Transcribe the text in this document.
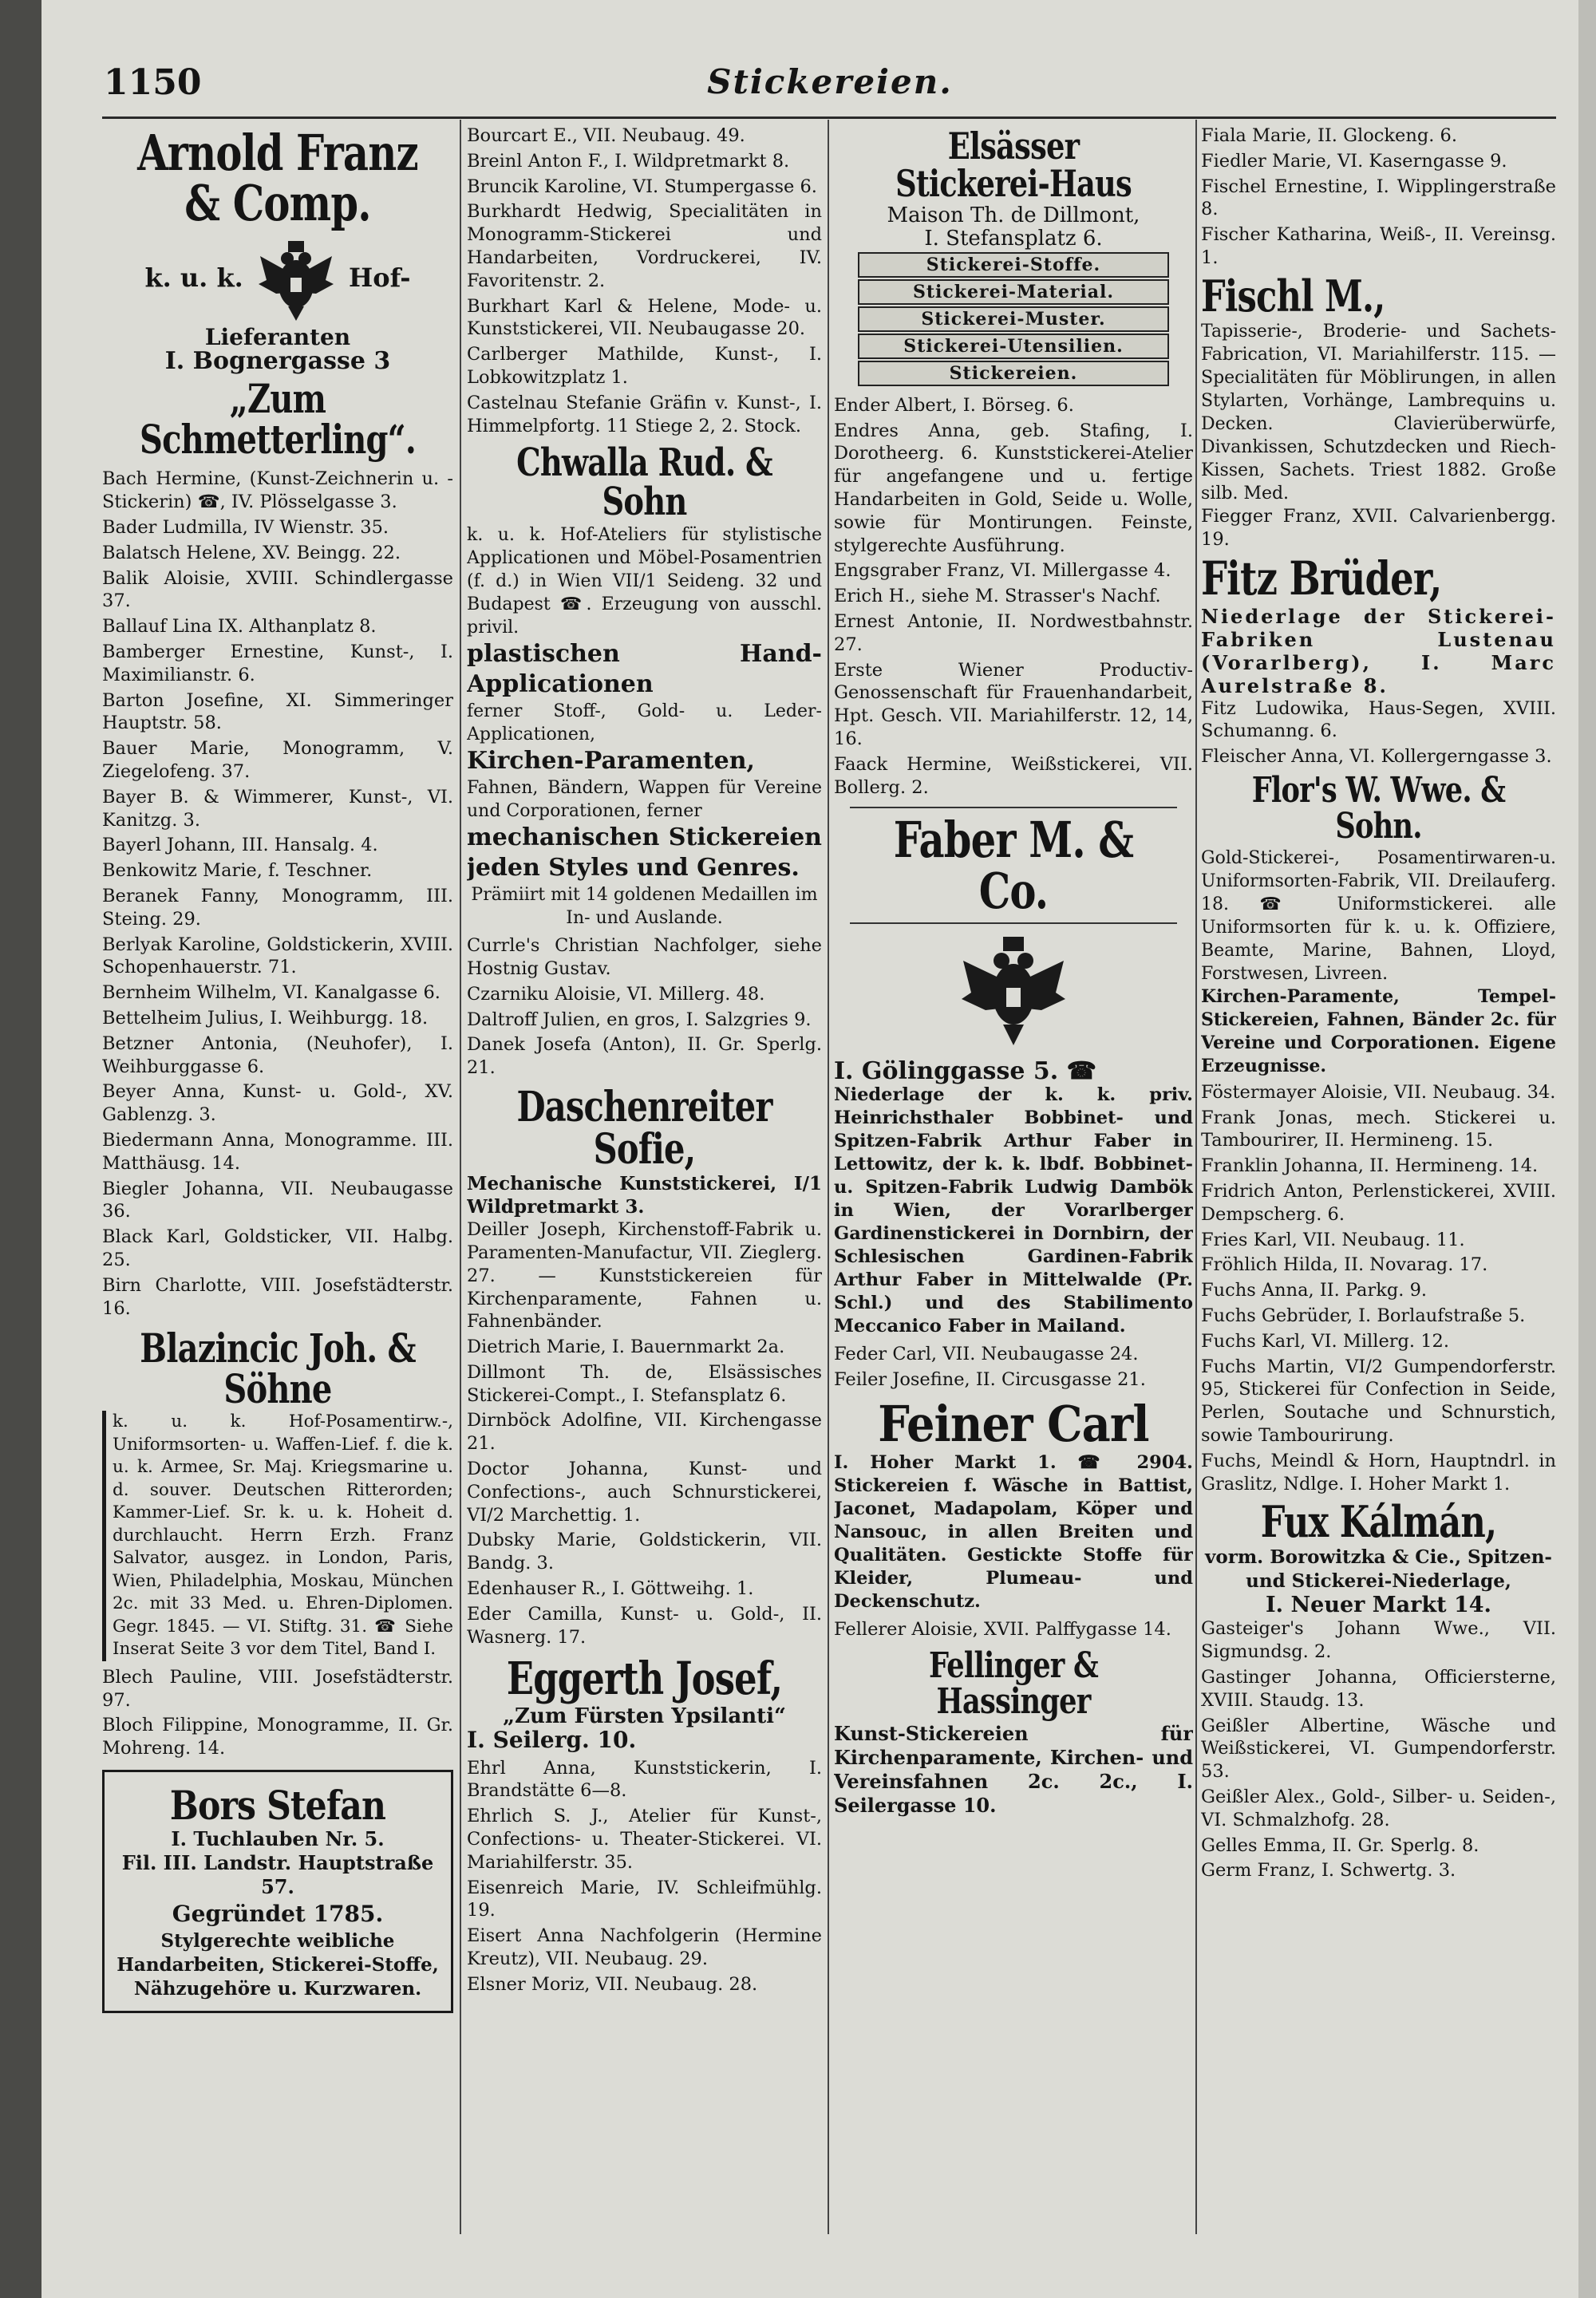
Stickereien.
1150
Arnold Franz & Comp.
k. u. k.	Hof-
Lieferanten
I. Bognergasse 3
„Zum Schmetterling“.
Bach Hermine, (Kunst-Zeichnerin u. -Stickerin) ☎, IV. Plösselgasse 3.
Bader Ludmilla, IV Wienstr. 35.
Balatsch Helene, XV. Beingg. 22.
Balik Aloisie, XVIII. Schindlergasse 37.
Ballauf Lina IX. Althanplatz 8.
Bamberger Ernestine, Kunst-, I. Maximilianstr. 6.
Barton Josefine, XI. Simmeringer Hauptstr. 58.
Bauer Marie, Monogramm, V. Ziegelofeng. 37.
Bayer B. & Wimmerer, Kunst-, VI. Kanitzg. 3.
Bayerl Johann, III. Hansalg. 4.
Benkowitz Marie, f. Teschner.
Beranek Fanny, Monogramm, III. Steing. 29.
Berlyak Karoline, Goldstickerin, XVIII. Schopenhauerstr. 71.
Bernheim Wilhelm, VI. Kanalgasse 6.
Bettelheim Julius, I. Weihburgg. 18.
Betzner Antonia, (Neuhofer), I. Weihburggasse 6.
Beyer Anna, Kunst- u. Gold-, XV. Gablenzg. 3.
Biedermann Anna, Monogramme. III. Matthäusg. 14.
Biegler Johanna, VII. Neubaugasse 36.
Black Karl, Goldsticker, VII. Halbg. 25.
Birn Charlotte, VIII. Josefstädterstr. 16.
Blazincic Joh. & Söhne
k. u. k. Hof-Posamentirw.-, Uniformsorten- u. Waffen-Lief. f. die k. u. k. Armee, Sr. Maj. Kriegsmarine u. d. souver. Deutschen Ritterorden; Kammer-Lief. Sr. k. u. k. Hoheit d. durchlaucht. Herrn Erzh. Franz Salvator, ausgez. in London, Paris, Wien, Philadelphia, Moskau, München 2c. mit 33 Med. u. Ehren-Diplomen. Gegr. 1845. — VI. Stiftg. 31. ☎ Siehe Inserat Seite 3 vor dem Titel, Band I.
Blech Pauline, VIII. Josefstädterstr. 97.
Bloch Filippine, Monogramme, II. Gr. Mohreng. 14.
Bors Stefan
I. Tuchlauben Nr. 5.
Fil. III. Landstr. Hauptstraße 57.
Gegründet 1785.
Stylgerechte weibliche Handarbeiten, Stickerei-Stoffe, Nähzugehöre u. Kurzwaren.
Bourcart E., VII. Neubaug. 49.
Breinl Anton F., I. Wildpretmarkt 8.
Bruncik Karoline, VI. Stumpergasse 6.
Burkhardt Hedwig, Specialitäten in Monogramm-Stickerei und Handarbeiten, Vordruckerei, IV. Favoritenstr. 2.
Burkhart Karl & Helene, Mode- u. Kunststickerei, VII. Neubaugasse 20.
Carlberger Mathilde, Kunst-, I. Lobkowitzplatz 1.
Castelnau Stefanie Gräfin v. Kunst-, I. Himmelpfortg. 11 Stiege 2, 2. Stock.
Chwalla Rud. & Sohn
k. u. k. Hof-Ateliers für stylistische Applicationen und Möbel-Posamentrien (f. d.) in Wien VII/1 Seideng. 32 und Budapest ☎. Erzeugung von ausschl. privil.
plastischen Hand-Applicationen
ferner Stoff-, Gold- u. Leder-Applicationen,
Kirchen-Paramenten,
Fahnen, Bändern, Wappen für Vereine und Corporationen, ferner
mechanischen Stickereien jeden Styles und Genres.
Prämiirt mit 14 goldenen Medaillen im In- und Auslande.
Currle's Christian Nachfolger, siehe Hostnig Gustav.
Czarniku Aloisie, VI. Millerg. 48.
Daltroff Julien, en gros, I. Salzgries 9.
Danek Josefa (Anton), II. Gr. Sperlg. 21.
Daschenreiter Sofie,
Mechanische Kunststickerei, I/1 Wildpretmarkt 3.
Deiller Joseph, Kirchenstoff-Fabrik u. Paramenten-Manufactur, VII. Zieglerg. 27. — Kunststickereien für Kirchenparamente, Fahnen u. Fahnenbänder.
Dietrich Marie, I. Bauernmarkt 2a.
Dillmont Th. de, Elsässisches Stickerei-Compt., I. Stefansplatz 6.
Dirnböck Adolfine, VII. Kirchengasse 21.
Doctor Johanna, Kunst- und Confections-, auch Schnurstickerei, VI/2 Marchettig. 1.
Dubsky Marie, Goldstickerin, VII. Bandg. 3.
Edenhauser R., I. Göttweihg. 1.
Eder Camilla, Kunst- u. Gold-, II. Wasnerg. 17.
Eggerth Josef,
„Zum Fürsten Ypsilanti“
I. Seilerg. 10.
Ehrl Anna, Kunststickerin, I. Brandstätte 6—8.
Ehrlich S. J., Atelier für Kunst-, Confections- u. Theater-Stickerei. VI. Mariahilferstr. 35.
Eisenreich Marie, IV. Schleifmühlg. 19.
Eisert Anna Nachfolgerin (Hermine Kreutz), VII. Neubaug. 29.
Elsner Moriz, VII. Neubaug. 28.
Elsässer Stickerei-Haus
Maison Th. de Dillmont,
I. Stefansplatz 6.
Stickerei-Stoffe.
Stickerei-Material.
Stickerei-Muster.
Stickerei-Utensilien.
Stickereien.
Ender Albert, I. Börseg. 6.
Endres Anna, geb. Stafing, I. Dorotheerg. 6. Kunststickerei-Atelier für angefangene und u. fertige Handarbeiten in Gold, Seide u. Wolle, sowie für Montirungen. Feinste, stylgerechte Ausführung.
Engsgraber Franz, VI. Millergasse 4.
Erich H., siehe M. Strasser's Nachf.
Ernest Antonie, II. Nordwestbahnstr. 27.
Erste Wiener Productiv-Genossenschaft für Frauenhandarbeit, Hpt. Gesch. VII. Mariahilferstr. 12, 14, 16.
Faack Hermine, Weißstickerei, VII. Bollerg. 2.
Faber M. & Co.
I. Gölinggasse 5. ☎
Niederlage der k. k. priv. Heinrichsthaler Bobbinet- und Spitzen-Fabrik Arthur Faber in Lettowitz, der k. k. lbdf. Bobbinet- u. Spitzen-Fabrik Ludwig Dambök in Wien, der Vorarlberger Gardinenstickerei in Dornbirn, der Schlesischen Gardinen-Fabrik Arthur Faber in Mittelwalde (Pr. Schl.) und des Stabilimento Meccanico Faber in Mailand.
Feder Carl, VII. Neubaugasse 24.
Feiler Josefine, II. Circusgasse 21.
Feiner Carl
I. Hoher Markt 1. ☎ 2904. Stickereien f. Wäsche in Battist, Jaconet, Madapolam, Köper und Nansouc, in allen Breiten und Qualitäten. Gestickte Stoffe für Kleider, Plumeau- und Deckenschutz.
Fellerer Aloisie, XVII. Palffygasse 14.
Fellinger & Hassinger
Kunst-Stickereien für Kirchenparamente, Kirchen- und Vereinsfahnen 2c. 2c., I. Seilergasse 10.
Fiala Marie, II. Glockeng. 6.
Fiedler Marie, VI. Kaserngasse 9.
Fischel Ernestine, I. Wipplingerstraße 8.
Fischer Katharina, Weiß-, II. Vereinsg. 1.
Fischl M.,
Tapisserie-, Broderie- und Sachets-Fabrication, VI. Mariahilferstr. 115. — Specialitäten für Möblirungen, in allen Stylarten, Vorhänge, Lambrequins u. Decken. Clavierüberwürfe, Divankissen, Schutzdecken und Riech-Kissen, Sachets. Triest 1882. Große silb. Med.
Fiegger Franz, XVII. Calvarienbergg. 19.
Fitz Brüder,
Niederlage der Stickerei-Fabriken Lustenau (Vorarlberg), I. Marc Aurelstraße 8.
Fitz Ludowika, Haus-Segen, XVIII. Schumanng. 6.
Fleischer Anna, VI. Kollergerngasse 3.
Flor's W. Wwe. & Sohn.
Gold-Stickerei-, Posamentirwaren-u. Uniformsorten-Fabrik, VII. Dreilauferg. 18. ☎ Uniformstickerei. alle Uniformsorten für k. u. k. Offiziere, Beamte, Marine, Bahnen, Lloyd, Forstwesen, Livreen.
Kirchen-Paramente, Tempel-Stickereien, Fahnen, Bänder 2c. für Vereine und Corporationen. Eigene Erzeugnisse.
Föstermayer Aloisie, VII. Neubaug. 34.
Frank Jonas, mech. Stickerei u. Tambourirer, II. Hermineng. 15.
Franklin Johanna, II. Hermineng. 14.
Fridrich Anton, Perlenstickerei, XVIII. Dempscherg. 6.
Fries Karl, VII. Neubaug. 11.
Fröhlich Hilda, II. Novarag. 17.
Fuchs Anna, II. Parkg. 9.
Fuchs Gebrüder, I. Borlaufstraße 5.
Fuchs Karl, VI. Millerg. 12.
Fuchs Martin, VI/2 Gumpendorferstr. 95, Stickerei für Confection in Seide, Perlen, Soutache und Schnurstich, sowie Tambourirung.
Fuchs, Meindl & Horn, Hauptndrl. in Graslitz, Ndlge. I. Hoher Markt 1.
Fux Kálmán,
vorm. Borowitzka & Cie., Spitzen- und Stickerei-Niederlage,
I. Neuer Markt 14.
Gasteiger's Johann Wwe., VII. Sigmundsg. 2.
Gastinger Johanna, Officiersterne, XVIII. Staudg. 13.
Geißler Albertine, Wäsche und Weißstickerei, VI. Gumpendorferstr. 53.
Geißler Alex., Gold-, Silber- u. Seiden-, VI. Schmalzhofg. 28.
Gelles Emma, II. Gr. Sperlg. 8.
Germ Franz, I. Schwertg. 3.
